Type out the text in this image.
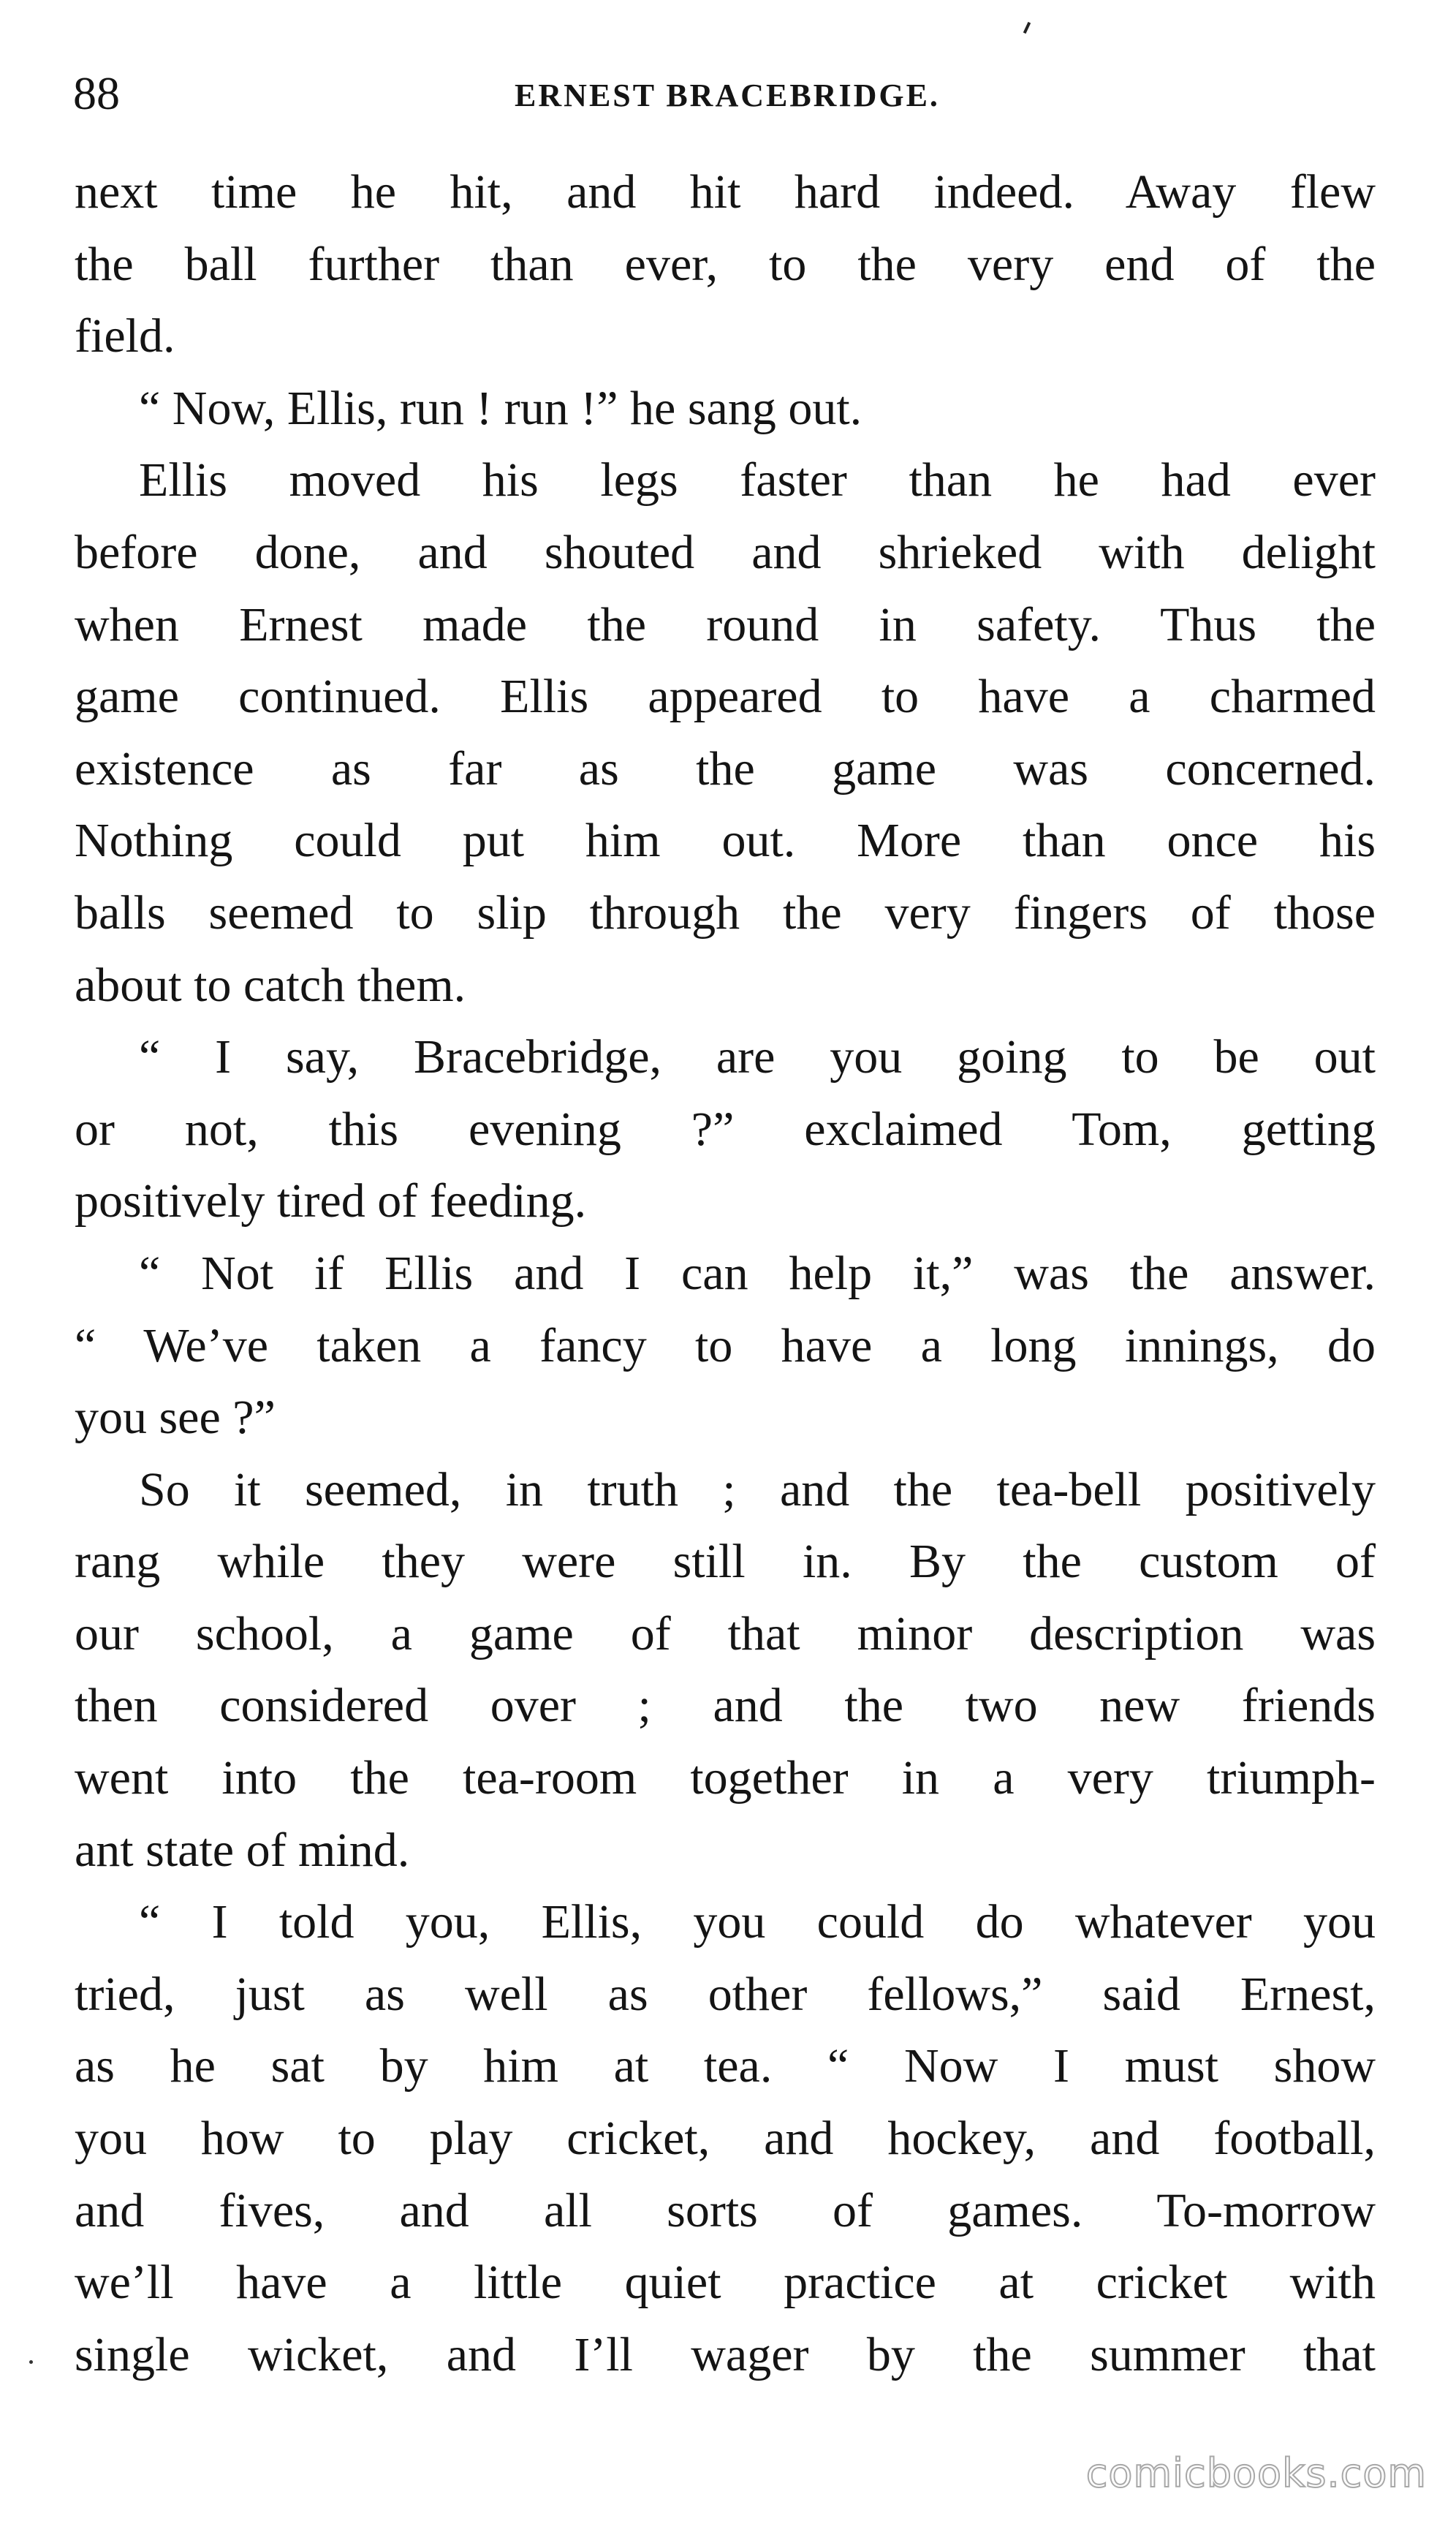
88	ERNEST BRACEBRIDGE.
next time he hit, and hit hard indeed. Away flew
the ball further than ever, to the very end of the
field.
“ Now, Ellis, run ! run !” he sang out.
Ellis moved his legs faster than he had ever
before done, and shouted and shrieked with delight
when Ernest made the round in safety. Thus the
game continued. Ellis appeared to have a charmed
existence as far as the game was concerned.
Nothing could put him out. More than once his
balls seemed to slip through the very fingers of those
about to catch them.
“ I say, Bracebridge, are you going to be out
or not, this evening ?” exclaimed Tom, getting
positively tired of feeding.
“ Not if Ellis and I can help it,” was the answer.
“ We’ve taken a fancy to have a long innings, do
you see ?”
So it seemed, in truth ; and the tea-bell positively
rang while they were still in. By the custom of
our school, a game of that minor description was
then considered over ; and the two new friends
went into the tea-room together in a very triumph-
ant state of mind.
“ I told you, Ellis, you could do whatever you
tried, just as well as other fellows,” said Ernest,
as he sat by him at tea. “ Now I must show
you how to play cricket, and hockey, and football,
and fives, and all sorts of games. To-morrow
we’ll have a little quiet practice at cricket with
single wicket, and I’ll wager by the summer that
comicbooks.com
